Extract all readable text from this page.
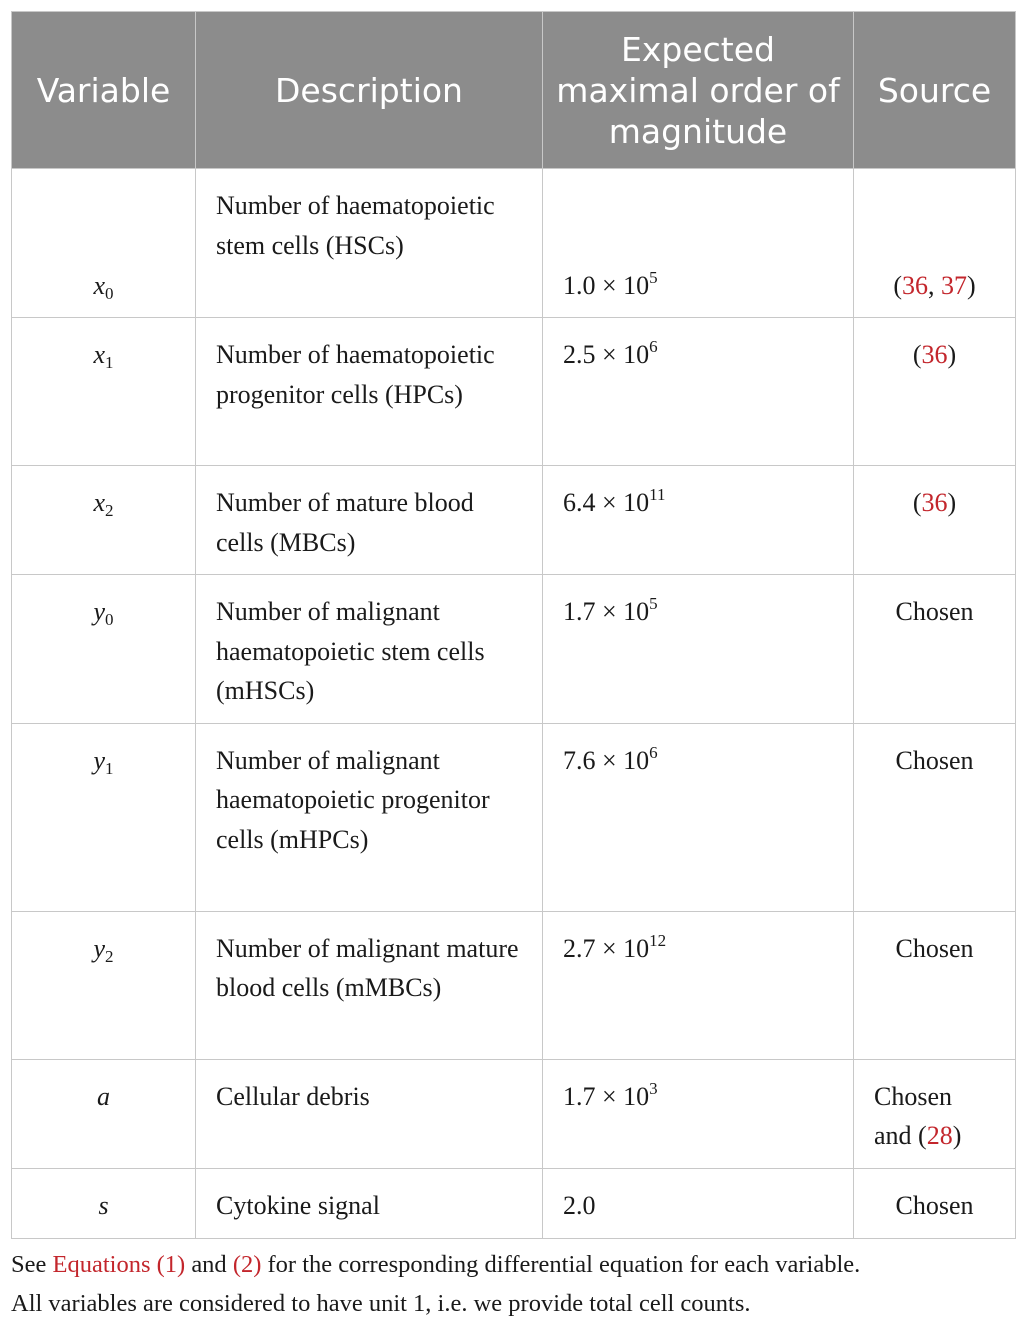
Variable	Description	Expected maximal order of magnitude	Source
$x_0$	Number of haematopoietic stem cells (HSCs)	$1.0 \times 10^5$	(36, 37)
$x_1$	Number of haematopoietic progenitor cells (HPCs)	$2.5 \times 10^6$	(36)
$x_2$	Number of mature blood cells (MBCs)	$6.4 \times 10^{11}$	(36)
$y_0$	Number of malignant haematopoietic stem cells (mHSCs)	$1.7 \times 10^5$	Chosen
$y_1$	Number of malignant haematopoietic progenitor cells (mHPCs)	$7.6 \times 10^6$	Chosen
$y_2$	Number of malignant mature blood cells (mMBCs)	$2.7 \times 10^{12}$	Chosen
a	Cellular debris	$1.7 \times 10^3$	Chosen and (28)
s	Cytokine signal	2.0	Chosen

See Equations (1) and (2) for the corresponding differential equation for each variable.

All variables are considered to have unit 1, i.e. we provide total cell counts.
